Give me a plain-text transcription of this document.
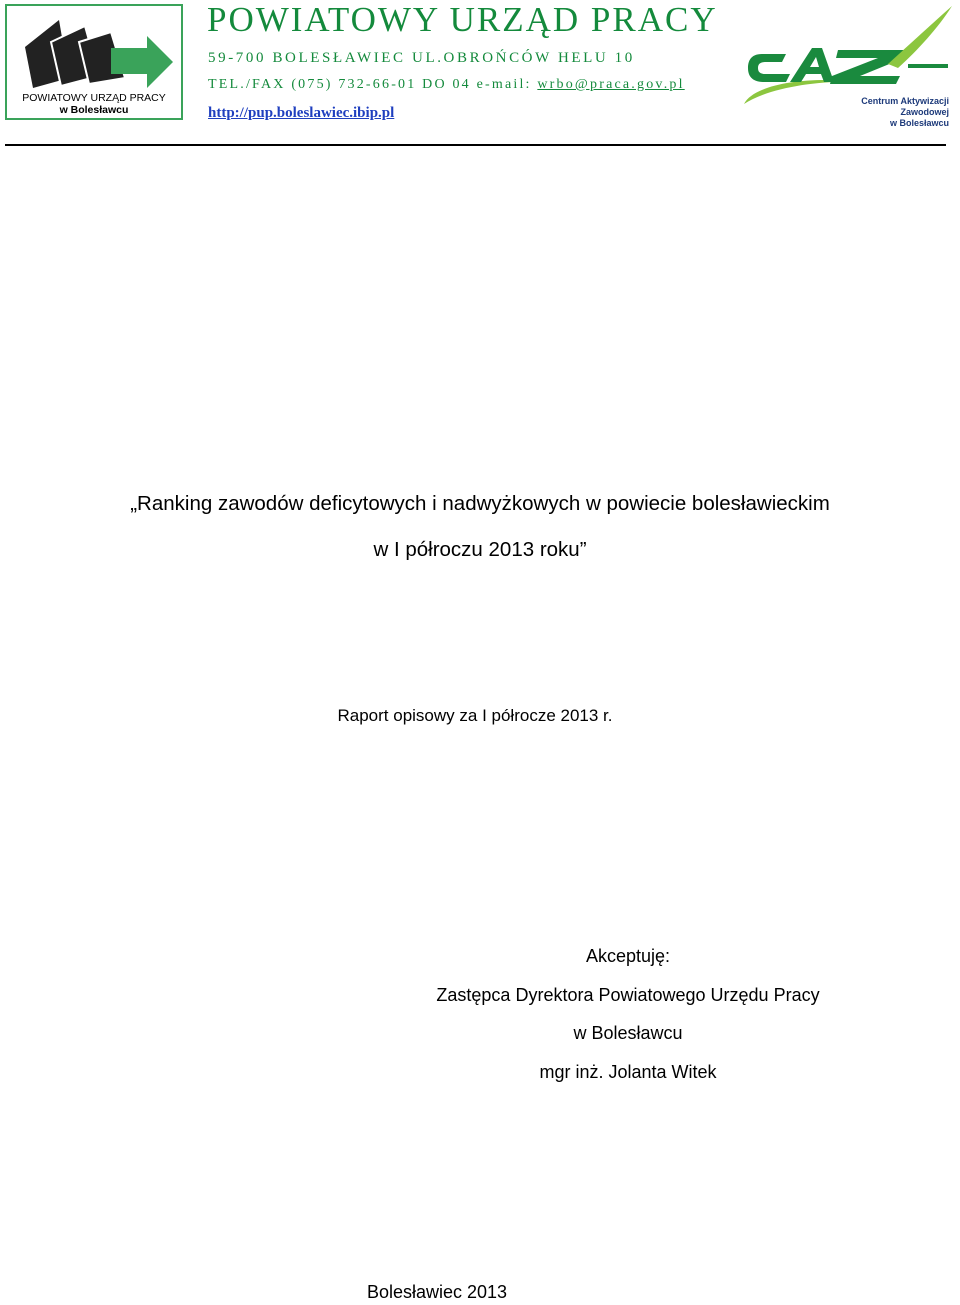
POWIATOWY URZĄD PRACY
w Bolesławcu
POWIATOWY URZĄD PRACY
59-700 BOLESŁAWIEC UL.OBROŃCÓW HELU 10
TEL./FAX (075) 732-66-01 DO 04 e-mail: wrbo@praca.gov.pl
http://pup.boleslawiec.ibip.pl
Centrum Aktywizacji Zawodowej
w Bolesławcu
„Ranking zawodów deficytowych i nadwyżkowych w powiecie bolesławieckim
w I półroczu 2013 roku”
Raport opisowy za I półrocze 2013 r.
Akceptuję:
Zastępca Dyrektora Powiatowego Urzędu Pracy
w Bolesławcu
mgr inż. Jolanta Witek
Bolesławiec 2013
